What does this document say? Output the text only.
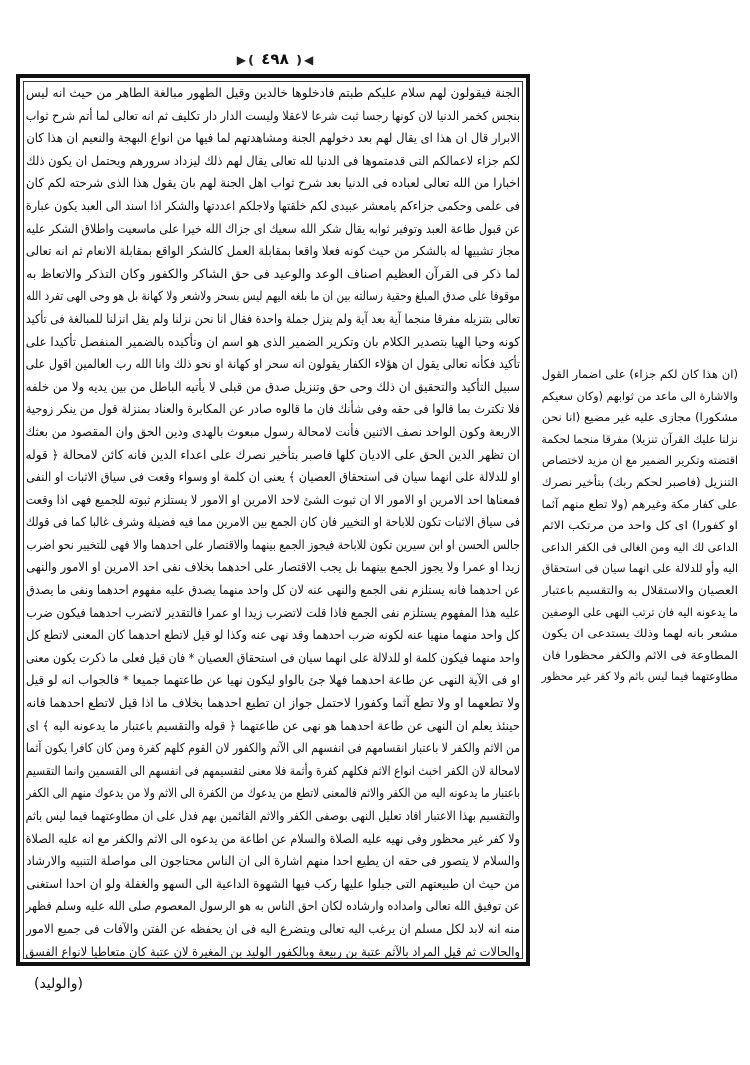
◀❪ ٤٩٨ ❫▶
الجنة فيقولون لهم سلام عليكم طبتم فادخلوها خالدين وقيل الطهور مبالغة الطاهر من حيث انه ليس
بنجس كخمر الدنيا لان كونها رجسا ثبت شرعا لاعقلا وليست الدار دار تكليف ثم انه تعالى لما أتم شرح ثواب
الابرار قال ان هذا اى يقال لهم بعد دخولهم الجنة ومشاهدتهم لما فيها من انواع البهجة والنعيم ان هذا كان
لكم جزاء لاعمالكم التى قدمتموها فى الدنيا لله تعالى يقال لهم ذلك ليزداد سرورهم ويحتمل ان يكون ذلك
اخبارا من الله تعالى لعباده فى الدنيا بعد شرح ثواب اهل الجنة لهم بان يقول هذا الذى شرحته لكم كان
فى علمى وحكمى جزاءكم يامعشر عبيدى لكم خلقتها ولاجلكم اعددتها والشكر اذا اسند الى العبد يكون عبارة
عن قبول طاعة العبد وتوفير ثوابه يقال شكر الله سعيك اى جزاك الله خيرا على ماسعيت واطلاق الشكر عليه
مجاز تشبيها له بالشكر من حيث كونه فعلا واقعا بمقابلة العمل كالشكر الواقع بمقابلة الانعام ثم انه تعالى
لما ذكر فى القرآن العظيم اصناف الوعد والوعيد فى حق الشاكر والكفور وكان التذكر والاتعاظ به
موقوفا على صدق المبلغ وحقية رسالته بين ان ما بلغه اليهم ليس بسحر ولاشعر ولا كهانة بل هو وحى الهى تفرد الله
تعالى بتنزيله مفرقا منجما آية بعد آية ولم ينزل جملة واحدة فقال انا نحن نزلنا ولم يقل انزلنا للمبالغة فى تأكيد
كونه وحيا الهيا بتصدير الكلام بان وتكرير الضمير الذى هو اسم ان وتأكيده بالضمير المنفصل تأكيدا على
تأكيد فكأنه تعالى يقول ان هؤلاء الكفار يقولون انه سحر او كهانة او نحو ذلك وانا الله رب العالمين اقول على
سبيل التأكيد والتحقيق ان ذلك وحى حق وتنزيل صدق من قبلى لا يأتيه الباطل من بين يديه ولا من خلفه
فلا تكترث بما قالوا فى حقه وفى شأنك فان ما قالوه صادر عن المكابرة والعناد بمنزلة قول من ينكر زوجية
الاربعة وكون الواحد نصف الاثنين فأنت لامحالة رسول مبعوث بالهدى ودين الحق وان المقصود من بعثك
ان تظهر الدين الحق على الاديان كلها فاصبر بتأخير نصرك على اعداء الدين فانه كائن لامحالة ﴿ قوله
او للدلالة على انهما سيان فى استحقاق العصيان ﴾ يعنى ان كلمة او وسواء وقعت فى سياق الاثبات او النفى
فمعناها احد الامرين او الامور الا ان ثبوت الشئ لاحد الامرين او الامور لا يستلزم ثبوته للجميع فهى اذا وقعت
فى سياق الاثبات تكون للاباحة او التخيير فان كان الجمع بين الامرين مما فيه فضيلة وشرف غالبا كما فى قولك
جالس الحسن او ابن سيرين تكون للاباحة فيجوز الجمع بينهما والاقتصار على احدهما والا فهى للتخيير نحو اضرب
زيدا او عمرا ولا يجوز الجمع بينهما بل يجب الاقتصار على احدهما بخلاف نفى احد الامرين او الامور والنهى
عن احدهما فانه يستلزم نفى الجمع والنهى عنه لان كل واحد منهما يصدق عليه مفهوم احدهما ونفى ما يصدق
عليه هذا المفهوم يستلزم نفى الجمع فاذا قلت لاتضرب زيدا او عمرا فالتقدير لاتضرب احدهما فيكون ضرب
كل واحد منهما منهيا عنه لكونه ضرب احدهما وقد نهى عنه وكذا لو قيل لاتطع احدهما كان المعنى لاتطع كل
واحد منهما فيكون كلمة او للدلالة على انهما سيان فى استحقاق العصيان * فان قيل فعلى ما ذكرت يكون معنى
او فى الآية النهى عن طاعة احدهما فهلا جئ بالواو ليكون نهيا عن طاعتهما جميعا * فالجواب انه لو قيل
ولا تطعهما او ولا تطع آثما وكفورا لاحتمل جواز ان تطيع احدهما بخلاف ما اذا قيل لاتطع احدهما فانه
حينئذ يعلم ان النهى عن طاعة احدهما هو نهى عن طاعتهما ﴿ قوله والتقسيم باعتبار ما يدعونه اليه ﴾ اى
من الاثم والكفر لا باعتبار انقسامهم فى انفسهم الى الآثم والكفور لان القوم كلهم كفرة ومن كان كافرا يكون آثما
لامحالة لان الكفر اخبث انواع الاثم فكلهم كفرة وأثمة فلا معنى لتقسيمهم فى انفسهم الى القسمين وانما التقسيم
باعتبار ما يدعونه اليه من الكفر والاثم فالمعنى لاتطع من يدعوك من الكفرة الى الاثم ولا من يدعوك منهم الى الكفر
والتقسيم بهذا الاعتبار افاد تعليل النهى بوصفى الكفر والاثم القائمين بهم فدل على ان مطاوعتهما فيما ليس باثم
ولا كفر غير محظور وفى نهيه عليه الصلاة والسلام عن اطاعة من يدعوه الى الاثم والكفر مع انه عليه الصلاة
والسلام لا يتصور فى حقه ان يطيع احدا منهم اشارة الى ان الناس محتاجون الى مواصلة التنبيه والارشاد
من حيث ان طبيعتهم التى جبلوا عليها ركب فيها الشهوة الداعية الى السهو والغفلة ولو ان احدا استغنى
عن توفيق الله تعالى وامداده وارشاده لكان احق الناس به هو الرسول المعصوم صلى الله عليه وسلم فظهر
منه انه لابد لكل مسلم ان يرغب اليه تعالى ويتضرع اليه فى ان يحفظه عن الفتن والآفات فى جميع الامور
والحالات ثم قيل المراد بالآثم عتبة بن ربيعة وبالكفور الوليد بن المغيرة لان عتبة كان متعاطيا لانواع الفسق
(ان هذا كان لكم جزاء) على اضمار القول
والاشارة الى ماعد من ثوابهم (وكان سعيكم
مشكورا) مجازى عليه غير مضيع (انا نحن
نزلنا عليك القرآن تنزيلا) مفرقا منجما لحكمة
اقتضته وتكرير الضمير مع ان مزيد لاختصاص
التنزيل (فاصبر لحكم ربك) بتأخير نصرك
على كفار مكة وغيرهم (ولا تطع منهم آثما
او كفورا) اى كل واحد من مرتكب الاثم
الداعى لك اليه ومن الغالى فى الكفر الداعى
اليه وأو للدلالة على انهما سيان فى استحقاق
العصيان والاستقلال به والتقسيم باعتبار
ما يدعونه اليه فان ترتب النهى على الوصفين
مشعر بانه لهما وذلك يستدعى ان يكون
المطاوعة فى الاثم والكفر محظورا فان
مطاوعتهما فيما ليس باثم ولا كفر غير محظور
(والوليد)
